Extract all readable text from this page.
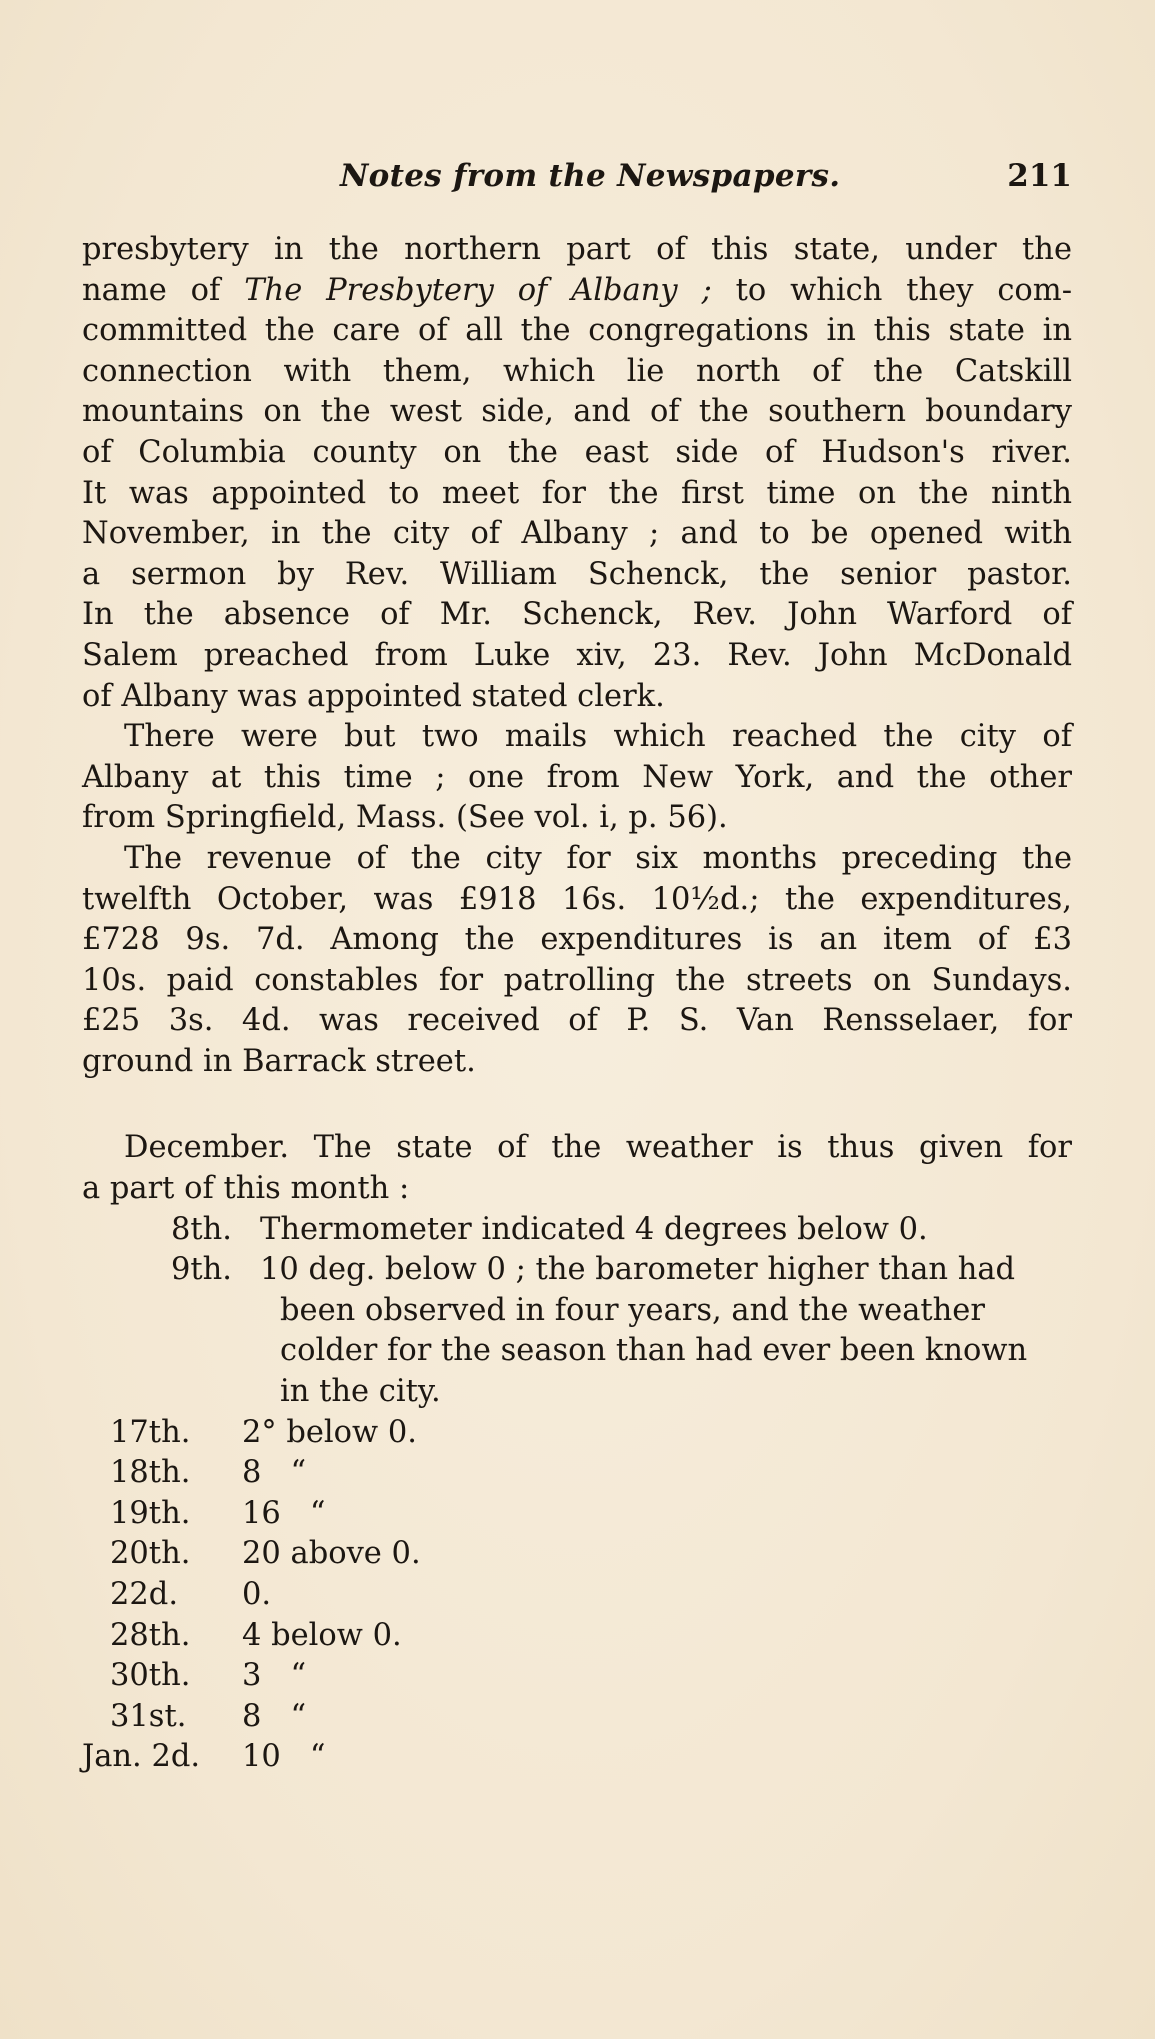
Notes from the Newspapers.	211
presbytery in the northern part of this state, under the
name of The Presbytery of Albany ; to which they com-
committed the care of all the congregations in this state in
connection with them, which lie north of the Catskill
mountains on the west side, and of the southern boundary
of Columbia county on the east side of Hudson's river.
It was appointed to meet for the first time on the ninth
November, in the city of Albany ; and to be opened with
a sermon by Rev. William Schenck, the senior pastor.
In the absence of Mr. Schenck, Rev. John Warford of
Salem preached from Luke xiv, 23. Rev. John McDonald
of Albany was appointed stated clerk.
There were but two mails which reached the city of
Albany at this time ; one from New York, and the other
from Springfield, Mass. (See vol. i, p. 56).
The revenue of the city for six months preceding the
twelfth October, was £918 16s. 10½d.; the expenditures,
£728 9s. 7d. Among the expenditures is an item of £3
10s. paid constables for patrolling the streets on Sundays.
£25 3s. 4d. was received of P. S. Van Rensselaer, for
ground in Barrack street.
December. The state of the weather is thus given for
a part of this month :
8th. Thermometer indicated 4 degrees below 0.
9th. 10 deg. below 0 ; the barometer higher than had
been observed in four years, and the weather
colder for the season than had ever been known
in the city.
17th.	2° below 0.
18th.	8   “
19th.	16   “
20th.	20 above 0.
22d.	0.
28th.	4 below 0.
30th.	3   “
31st.	8   “
Jan. 2d. 10   “
